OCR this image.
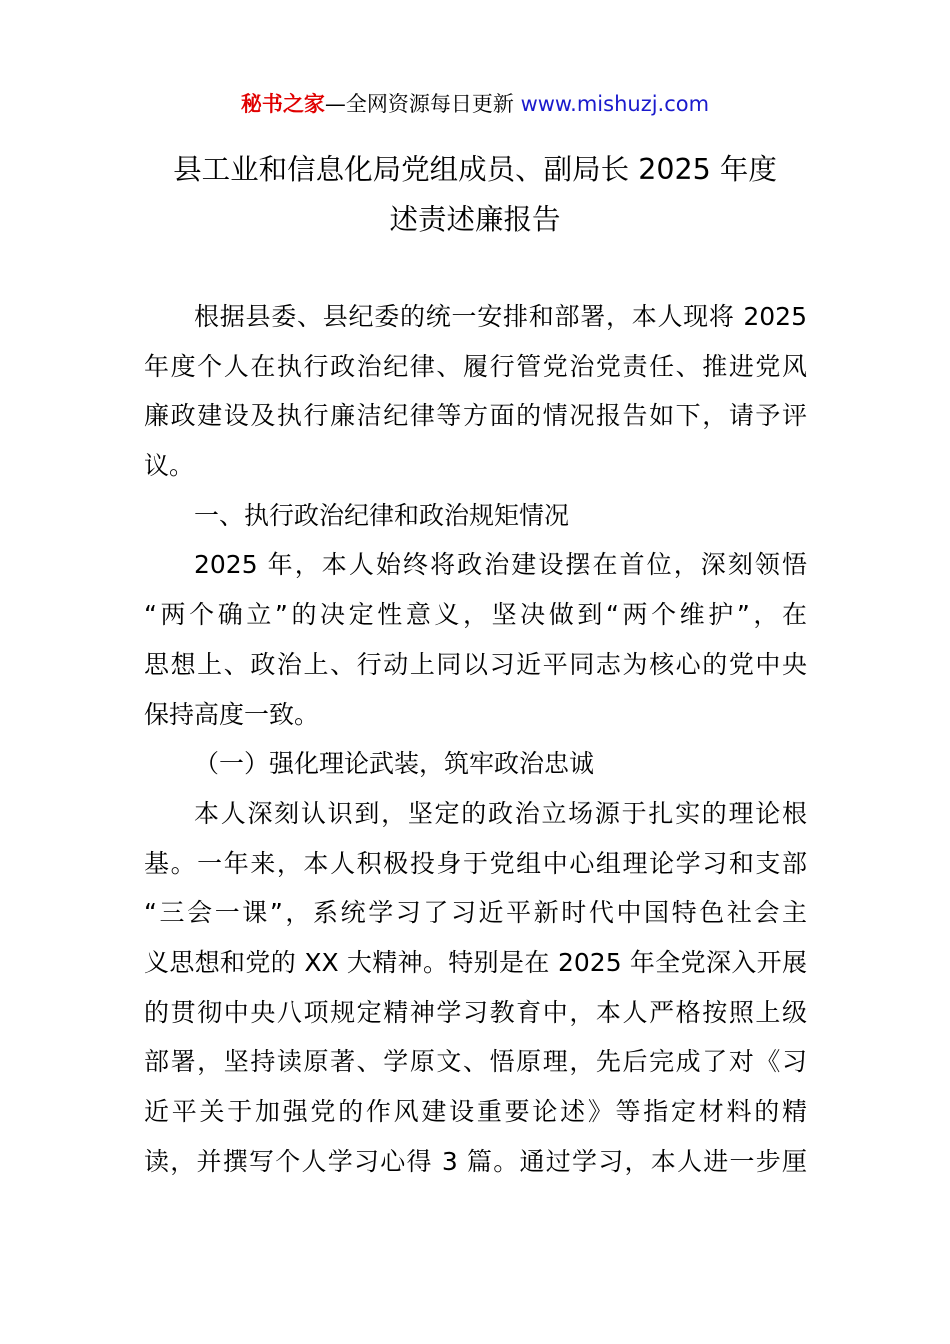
秘书之家—全网资源每日更新 www.mishuzj.com
县工业和信息化局党组成员、副局长 2025 年度
述责述廉报告
根据县委、县纪委的统一安排和部署，本人现将 2025
年度个人在执行政治纪律、履行管党治党责任、推进党风
廉政建设及执行廉洁纪律等方面的情况报告如下，请予评
议。
一、执行政治纪律和政治规矩情况
2025 年，本人始终将政治建设摆在首位，深刻领悟
“两个确立”的决定性意义，坚决做到“两个维护”，在
思想上、政治上、行动上同以习近平同志为核心的党中央
保持高度一致。
（一）强化理论武装，筑牢政治忠诚
本人深刻认识到，坚定的政治立场源于扎实的理论根
基。一年来，本人积极投身于党组中心组理论学习和支部
“三会一课”，系统学习了习近平新时代中国特色社会主
义思想和党的 XX 大精神。特别是在 2025 年全党深入开展
的贯彻中央八项规定精神学习教育中，本人严格按照上级
部署，坚持读原著、学原文、悟原理，先后完成了对《习
近平关于加强党的作风建设重要论述》等指定材料的精
读，并撰写个人学习心得 3 篇。通过学习，本人进一步厘
